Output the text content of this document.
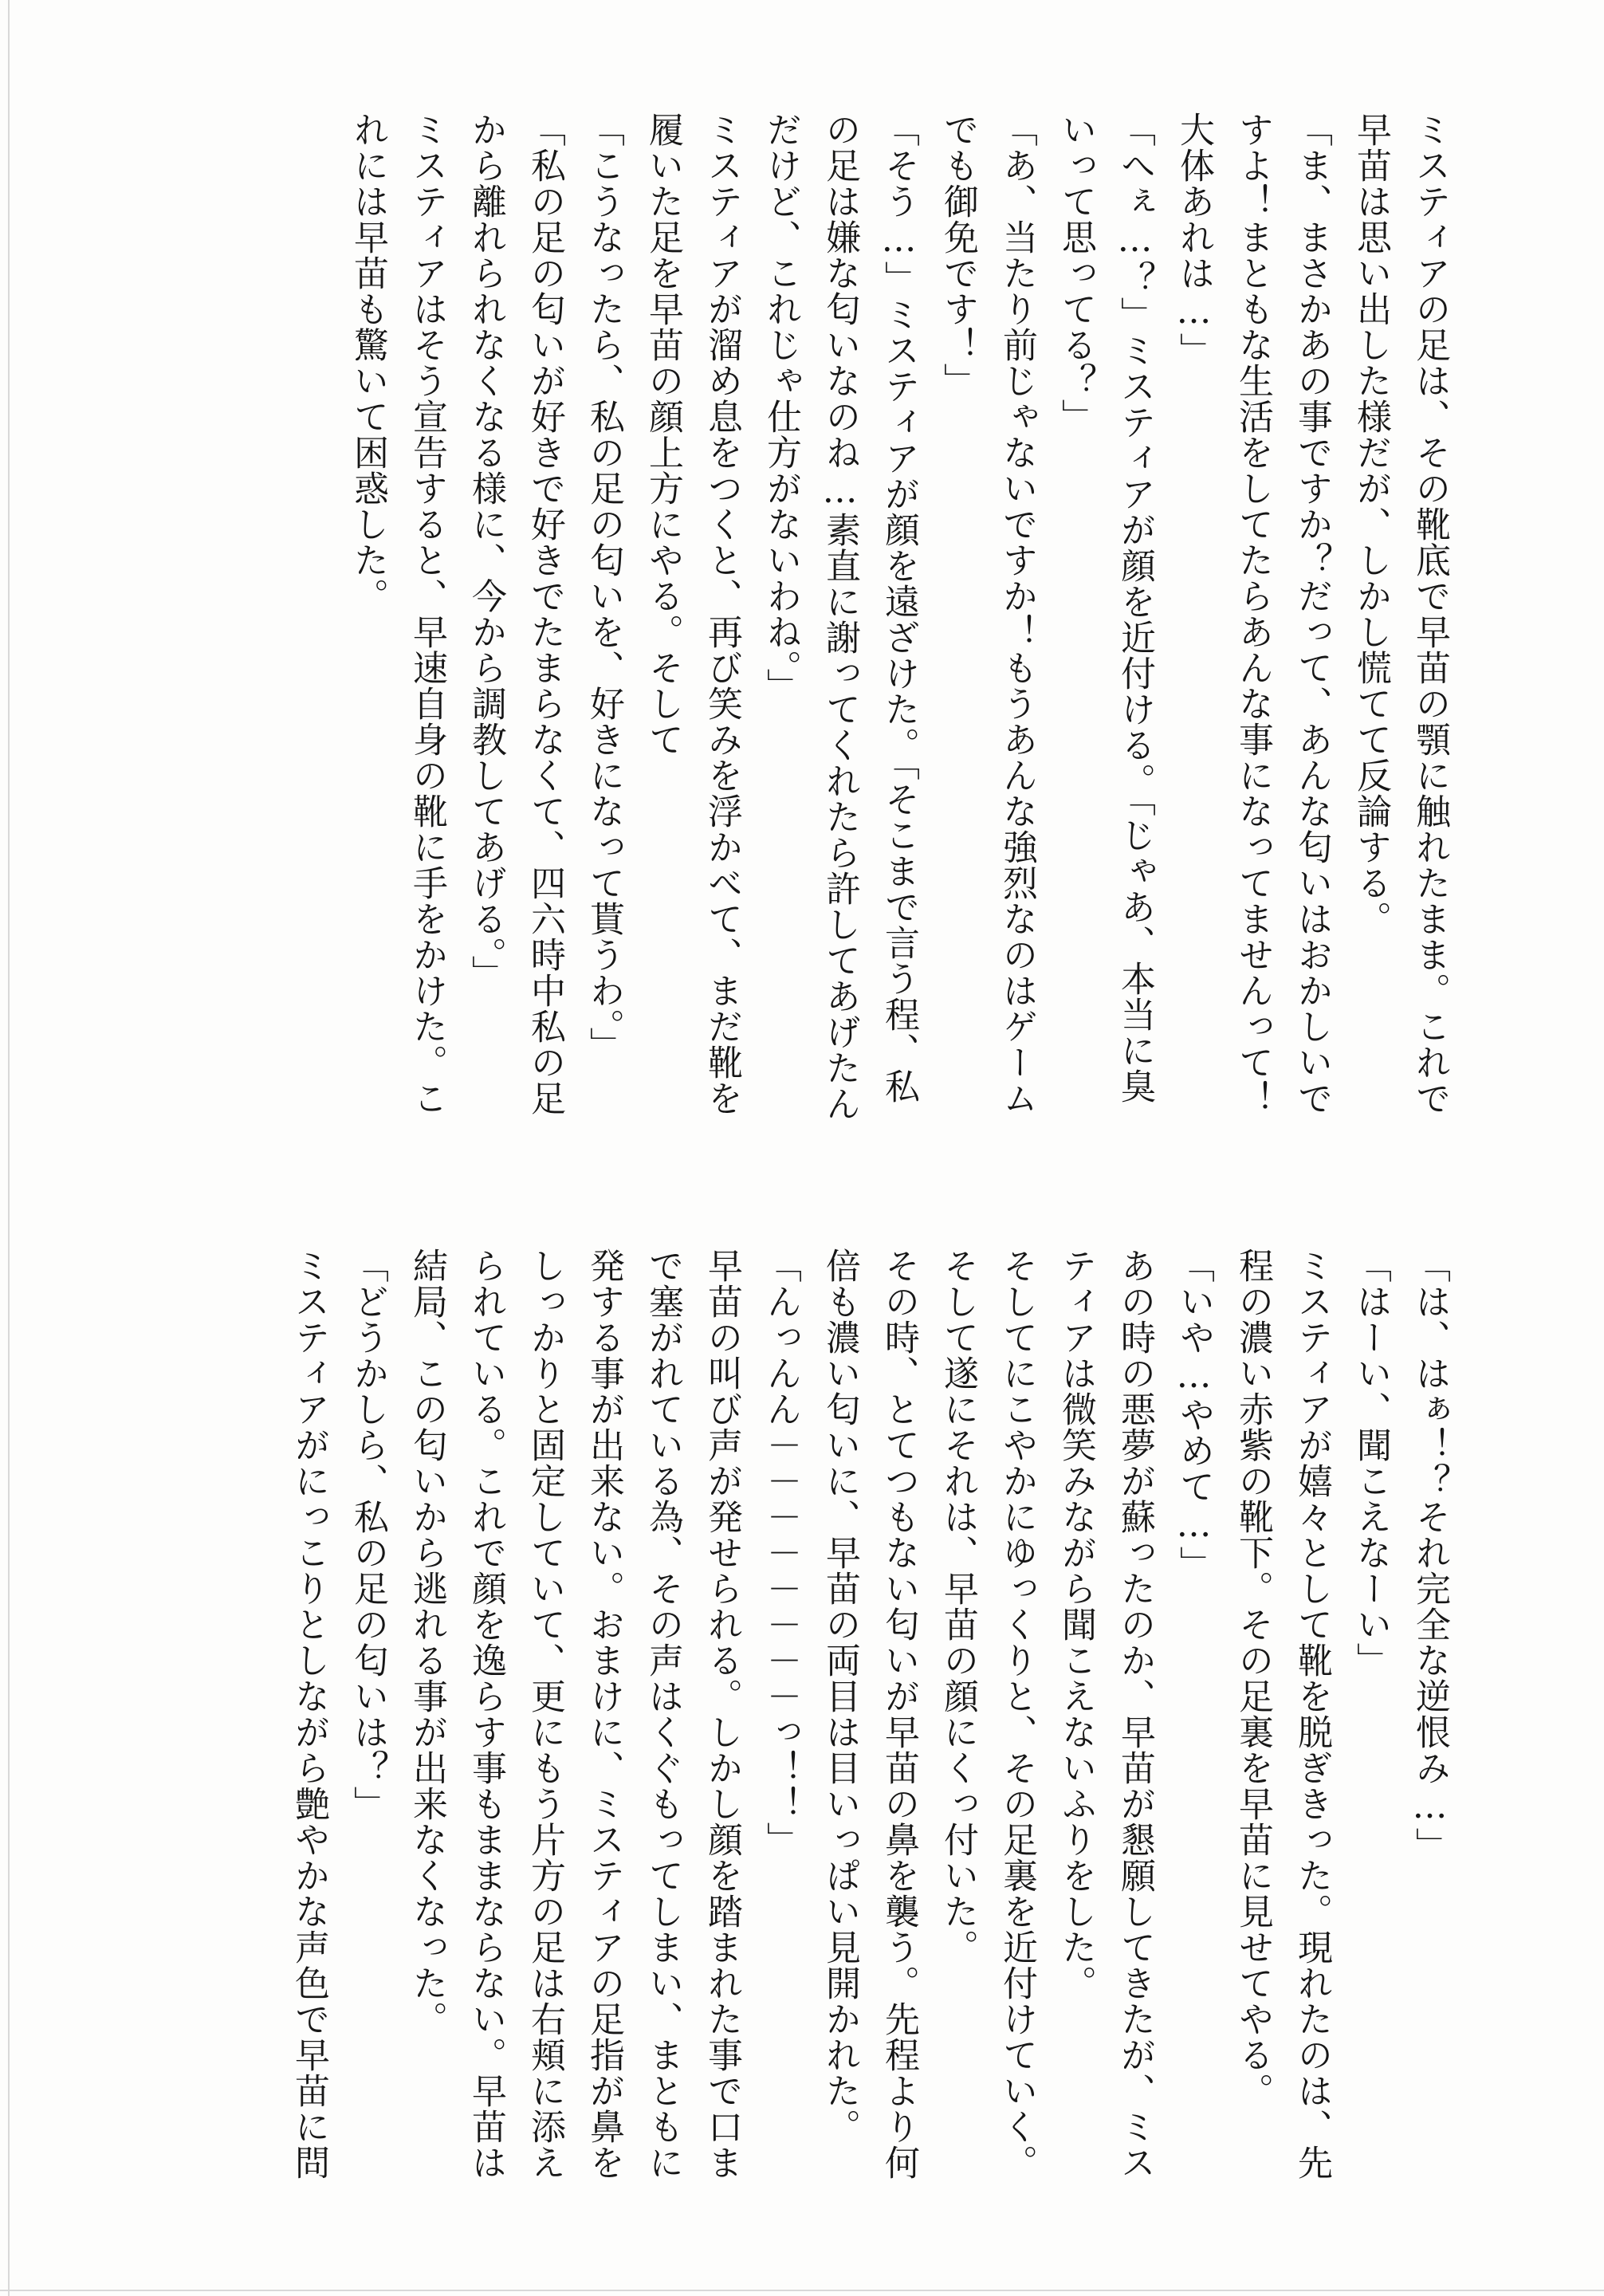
ミスティアの足は、その靴底で早苗の顎に触れたまま。これで
早苗は思い出した様だが、しかし慌てて反論する。
「ま、まさかあの事ですか？だって、あんな匂いはおかしいで
すよ！まともな生活をしてたらあんな事になってませんって！
大体あれは…」
「へぇ…？」ミスティアが顔を近付ける。「じゃあ、本当に臭
いって思ってる？」
「あ、当たり前じゃないですか！もうあんな強烈なのはゲーム
でも御免です！」
「そう…」ミスティアが顔を遠ざけた。「そこまで言う程、私
の足は嫌な匂いなのね…素直に謝ってくれたら許してあげたん
だけど、これじゃ仕方がないわね。」
ミスティアが溜め息をつくと、再び笑みを浮かべて、まだ靴を
履いた足を早苗の顔上方にやる。そして
「こうなったら、私の足の匂いを、好きになって貰うわ。」
「私の足の匂いが好きで好きでたまらなくて、四六時中私の足
から離れられなくなる様に、今から調教してあげる。」
ミスティアはそう宣告すると、早速自身の靴に手をかけた。こ
れには早苗も驚いて困惑した。
「は、はぁ！？それ完全な逆恨み…」
「はーい、聞こえなーい」
ミスティアが嬉々として靴を脱ぎきった。現れたのは、先
程の濃い赤紫の靴下。その足裏を早苗に見せてやる。
「いや…やめて…」
あの時の悪夢が蘇ったのか、早苗が懇願してきたが、ミス
ティアは微笑みながら聞こえないふりをした。
そしてにこやかにゆっくりと、その足裏を近付けていく。
そして遂にそれは、早苗の顔にくっ付いた。
その時、とてつもない匂いが早苗の鼻を襲う。先程より何
倍も濃い匂いに、早苗の両目は目いっぱい見開かれた。
「んっんん－－－－－－－－っ！！」
早苗の叫び声が発せられる。しかし顔を踏まれた事で口ま
で塞がれている為、その声はくぐもってしまい、まともに
発する事が出来ない。おまけに、ミスティアの足指が鼻を
しっかりと固定していて、更にもう片方の足は右頬に添え
られている。これで顔を逸らす事もままならない。早苗は
結局、この匂いから逃れる事が出来なくなった。
「どうかしら、私の足の匂いは？」
ミスティアがにっこりとしながら艶やかな声色で早苗に問
